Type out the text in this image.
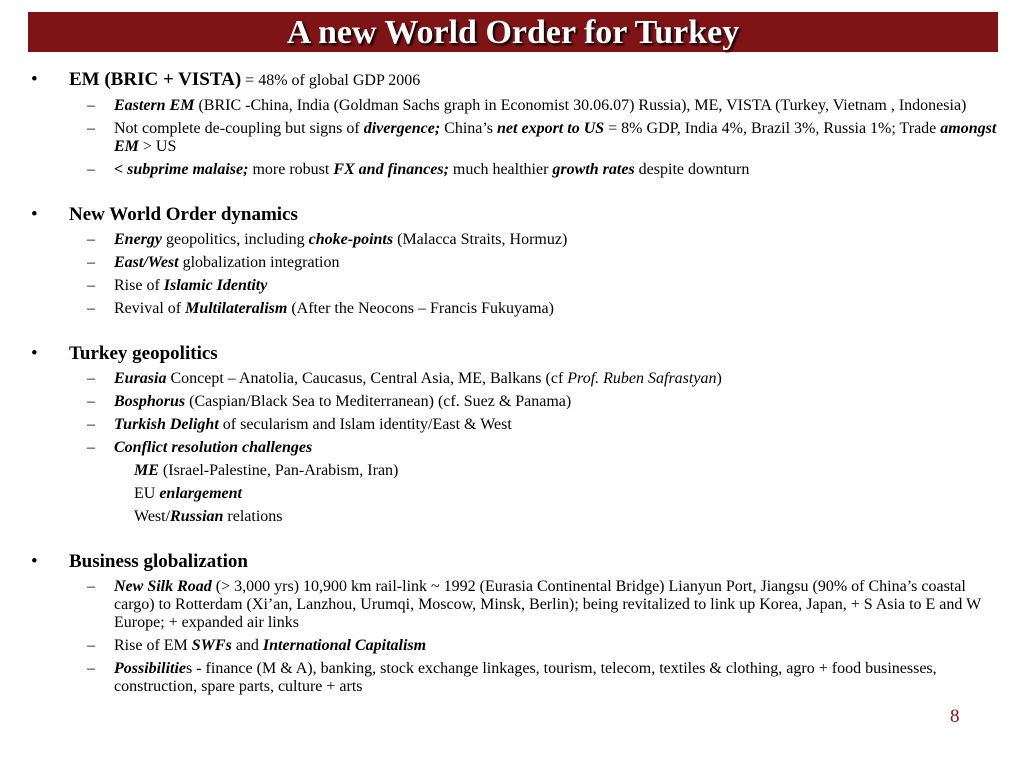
A new World Order for Turkey
• EM (BRIC + VISTA) = 48% of global GDP 2006
– Eastern EM (BRIC -China, India (Goldman Sachs graph in Economist 30.06.07) Russia), ME, VISTA (Turkey, Vietnam , Indonesia)
– Not complete de-coupling but signs of divergence; China’s net export to US = 8% GDP, India 4%, Brazil 3%, Russia 1%; Trade amongst EM > US
– < subprime malaise; more robust FX and finances; much healthier growth rates despite downturn
• New World Order dynamics
– Energy geopolitics, including choke-points (Malacca Straits, Hormuz)
– East/West globalization integration
– Rise of Islamic Identity
– Revival of Multilateralism (After the Neocons – Francis Fukuyama)
• Turkey geopolitics
– Eurasia Concept – Anatolia, Caucasus, Central Asia, ME, Balkans (cf Prof. Ruben Safrastyan)
– Bosphorus (Caspian/Black Sea to Mediterranean) (cf. Suez & Panama)
– Turkish Delight of secularism and Islam identity/East & West
– Conflict resolution challenges
ME (Israel-Palestine, Pan-Arabism, Iran)
EU enlargement
West/Russian relations
• Business globalization
– New Silk Road (> 3,000 yrs) 10,900 km rail-link ~ 1992 (Eurasia Continental Bridge) Lianyun Port, Jiangsu (90% of China’s coastal cargo) to Rotterdam (Xi’an, Lanzhou, Urumqi, Moscow, Minsk, Berlin); being revitalized to link up Korea, Japan, + S Asia to E and W Europe; + expanded air links
– Rise of EM SWFs and International Capitalism
– Possibilities - finance (M & A), banking, stock exchange linkages, tourism, telecom, textiles & clothing, agro + food businesses, construction, spare parts, culture + arts
8
